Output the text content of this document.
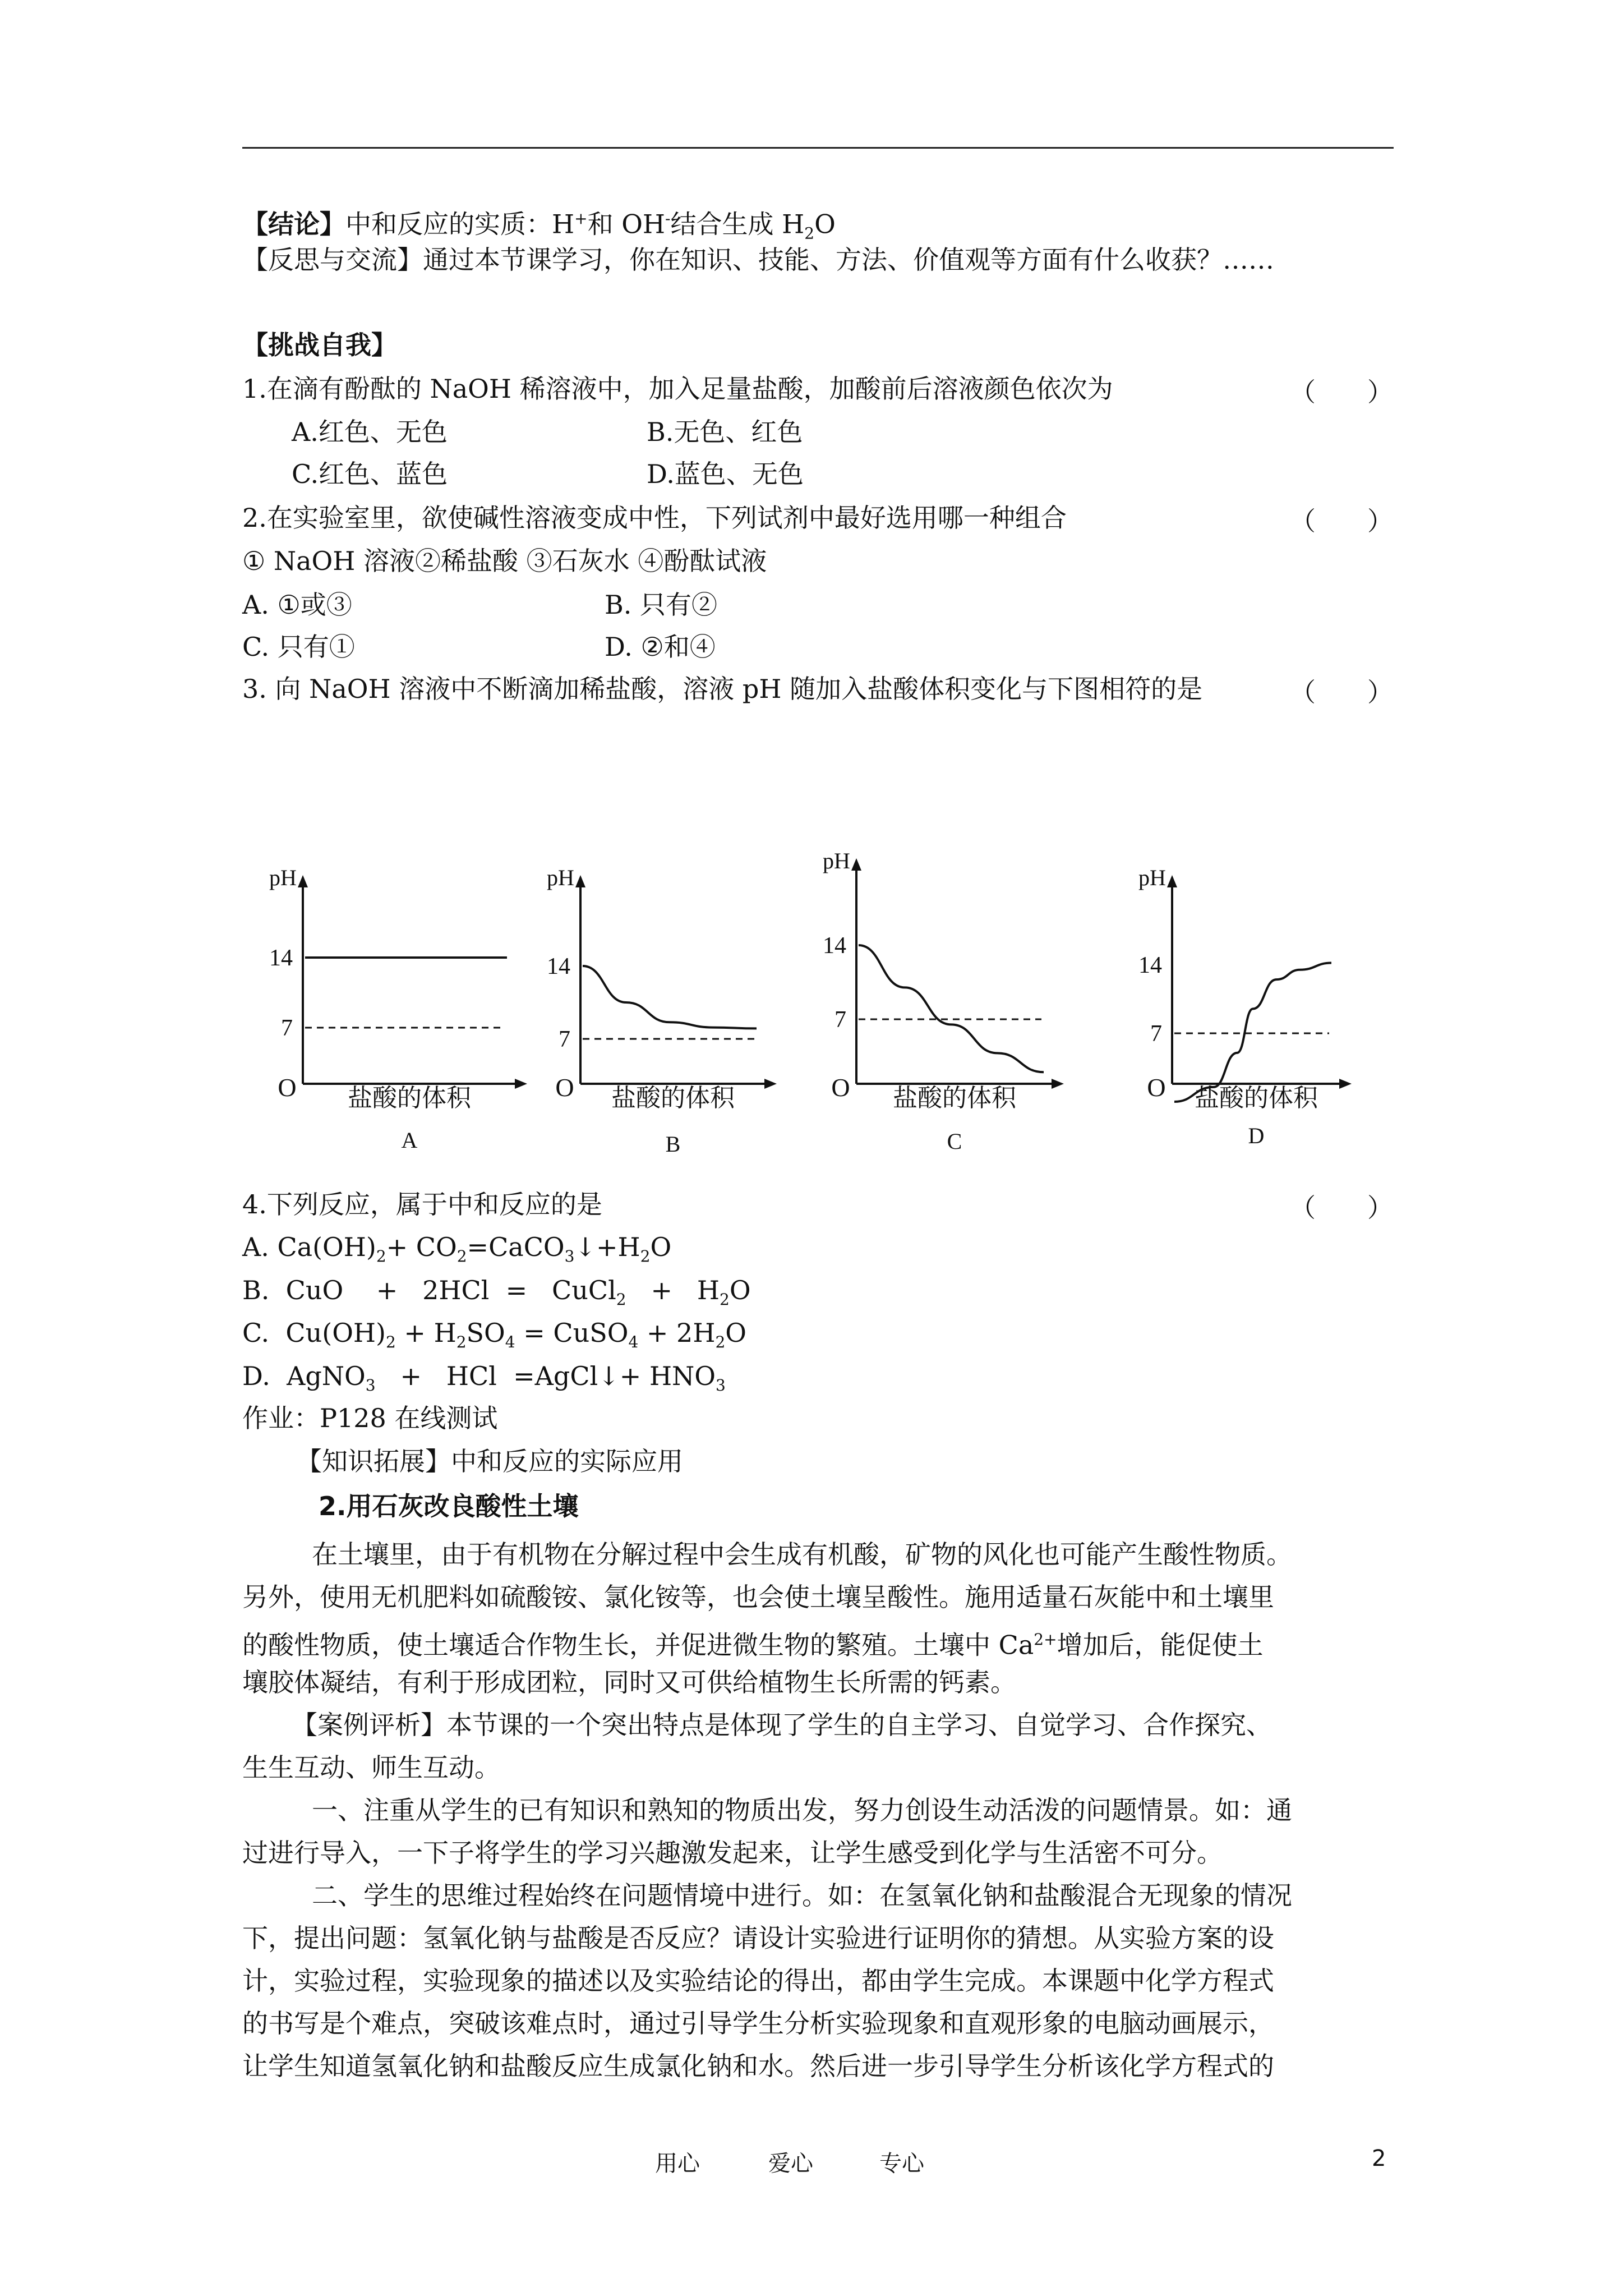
【结论】中和反应的实质：H+和 OH-结合生成 $H_2O$
【反思与交流】通过本节课学习，你在知识、技能、方法、价值观等方面有什么收获？……
【挑战自我】
1.在滴有酚酞的 NaOH 稀溶液中，加入足量盐酸，加酸前后溶液颜色依次为	（　　）
A.红色、无色	B.无色、红色
C.红色、蓝色	D.蓝色、无色
2.在实验室里，欲使碱性溶液变成中性，下列试剂中最好选用哪一种组合	（　　）
① NaOH 溶液②稀盐酸 ③石灰水 ④酚酞试液
A. ①或③	B. 只有②
C. 只有①	D. ②和④
3. 向 NaOH 溶液中不断滴加稀盐酸，溶液 pH 随加入盐酸体积变化与下图相符的是	（　　）
pH
14
7
O 盐酸的体积
A
pH
14
7
O 盐酸的体积
B
pH
14
7
O 盐酸的体积
C
pH
14
7
O 盐酸的体积
D
4.下列反应，属于中和反应的是	（　　）
A. $Ca(OH)_2+$ $CO_2=CaCO_3↓+H_2O$
B.  CuO    +   2HCl  =   CuCl$_2$   +   $H_2O$
C.  $Cu(OH)_2 + H_2SO_4$ = CuSO$_4$ + $2H_2O$
D.  AgNO$_3$   +   HCl  =AgCl↓+ $HNO_3$
作业：P128 在线测试
【知识拓展】中和反应的实际应用
2.用石灰改良酸性土壤
在土壤里，由于有机物在分解过程中会生成有机酸，矿物的风化也可能产生酸性物质。
另外，使用无机肥料如硫酸铵、氯化铵等，也会使土壤呈酸性。施用适量石灰能中和土壤里
的酸性物质，使土壤适合作物生长，并促进微生物的繁殖。土壤中 $Ca^{2+}$增加后，能促使土
壤胶体凝结，有利于形成团粒，同时又可供给植物生长所需的钙素。
【案例评析】本节课的一个突出特点是体现了学生的自主学习、自觉学习、合作探究、
生生互动、师生互动。
一、注重从学生的已有知识和熟知的物质出发，努力创设生动活泼的问题情景。如：通
过进行导入，一下子将学生的学习兴趣激发起来，让学生感受到化学与生活密不可分。
二、学生的思维过程始终在问题情境中进行。如：在氢氧化钠和盐酸混合无现象的情况
下，提出问题：氢氧化钠与盐酸是否反应？请设计实验进行证明你的猜想。从实验方案的设
计，实验过程，实验现象的描述以及实验结论的得出，都由学生完成。本课题中化学方程式
的书写是个难点，突破该难点时，通过引导学生分析实验现象和直观形象的电脑动画展示，
让学生知道氢氧化钠和盐酸反应生成氯化钠和水。然后进一步引导学生分析该化学方程式的
用心	爱心	专心	2
